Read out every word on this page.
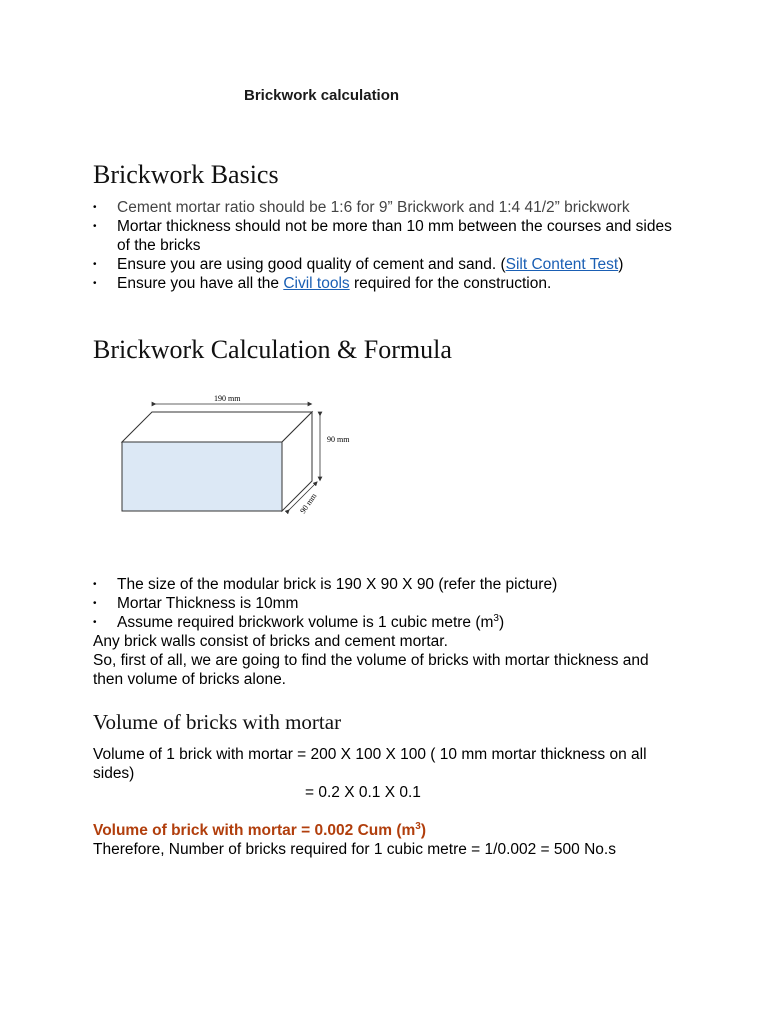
Brickwork calculation
Brickwork Basics
• Cement mortar ratio should be 1:6 for 9” Brickwork and 1:4 41/2” brickwork
• Mortar thickness should not be more than 10 mm between the courses and sides of the bricks
• Ensure you are using good quality of cement and sand. (Silt Content Test)
• Ensure you have all the Civil tools required for the construction.
Brickwork Calculation & Formula
190 mm
90 mm
90 mm
• The size of the modular brick is 190 X 90 X 90 (refer the picture)
• Mortar Thickness is 10mm
• Assume required brickwork volume is 1 cubic metre $(m^3)$

Any brick walls consist of bricks and cement mortar.

So, first of all, we are going to find the volume of bricks with mortar thickness and then volume of bricks alone.

Volume of bricks with mortar

Volume of 1 brick with mortar = 200 X 100 X 100 ( 10 mm mortar thickness on all sides)

= 0.2 X 0.1 X 0.1
Volume of brick with mortar = 0.002 Cum $(m^3)$

Therefore, Number of bricks required for 1 cubic metre = 1/0.002 = 500 No.s
